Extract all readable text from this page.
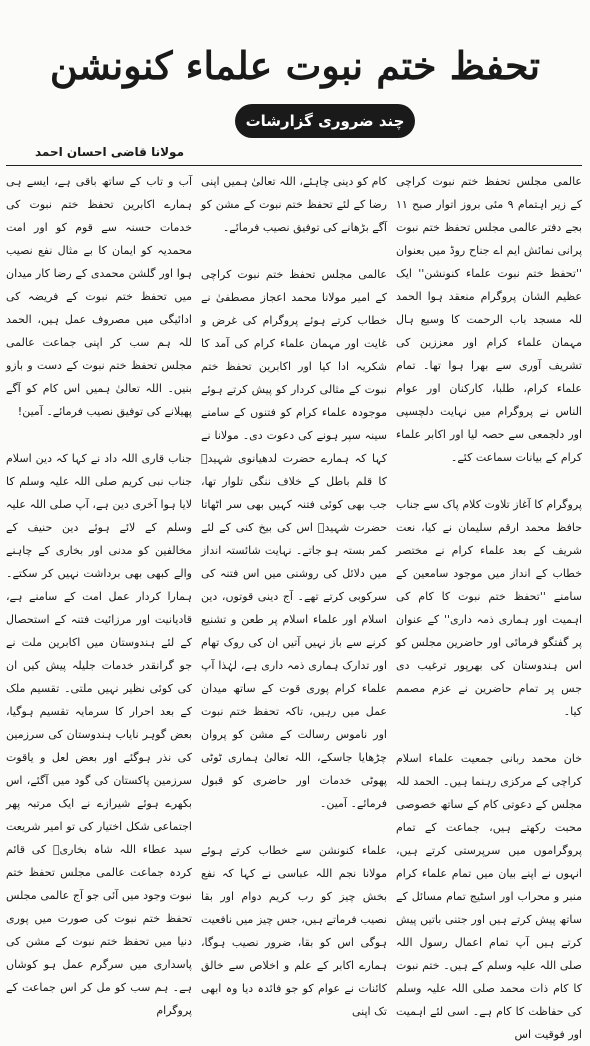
تحفظ ختم نبوت علماء کنونشن
چند ضروری گزارشات
مولانا قاضی احسان احمد

عالمی مجلس تحفظ ختم نبوت کراچی کے زیر اہتمام ۹ مئی بروز اتوار صبح ۱۱ بجے دفتر عالمی مجلس تحفظ ختم نبوت پرانی نمائش ایم اے جناح روڈ میں بعنوان ''تحفظ ختم نبوت علماء کنونشن'' ایک عظیم الشان پروگرام منعقد ہوا الحمد للہ مسجد باب الرحمت کا وسیع ہال مہمان علماء کرام اور معززین کی تشریف آوری سے بھرا ہوا تھا۔ تمام علماء کرام، طلبا، کارکنان اور عوام الناس نے پروگرام میں نہایت دلچسپی اور دلجمعی سے حصہ لیا اور اکابر علماء کرام کے بیانات سماعت کئے۔

پروگرام کا آغاز تلاوت کلام پاک سے جناب حافظ محمد ارقم سلیمان نے کیا، نعت شریف کے بعد علماء کرام نے مختصر خطاب کے انداز میں موجود سامعین کے سامنے ''تحفظ ختم نبوت کا کام کی اہمیت اور ہماری ذمہ داری'' کے عنوان پر گفتگو فرمائی اور حاضرین مجلس کو اس ہندوستان کی بھرپور ترغیب دی جس پر تمام حاضرین نے عزم مصمم کیا۔

خان محمد ربانی جمعیت علماء اسلام کراچی کے مرکزی رہنما ہیں۔ الحمد للہ مجلس کے دعوتی کام کے ساتھ خصوصی محبت رکھتے ہیں، جماعت کے تمام پروگراموں میں سرپرستی کرتے ہیں، انہوں نے اپنے بیان میں تمام علماء کرام منبر و محراب اور اسٹیج تمام مسائل کے ساتھ پیش کرتے ہیں اور جتنی باتیں پیش کرتے ہیں آپ تمام اعمال رسول اللہ صلی اللہ علیہ وسلم کے ہیں۔ ختم نبوت کا کام ذات محمد صلی اللہ علیہ وسلم کی حفاظت کا کام ہے۔ اسی لئے اہمیت اور فوقیت اس

کام کو دینی چاہئے، اللہ تعالیٰ ہمیں اپنی رضا کے لئے تحفظ ختم نبوت کے مشن کو آگے بڑھانے کی توفیق نصیب فرمائے۔

عالمی مجلس تحفظ ختم نبوت کراچی کے امیر مولانا محمد اعجاز مصطفیٰ نے خطاب کرتے ہوئے پروگرام کی غرض و غایت اور مہمان علماء کرام کی آمد کا شکریہ ادا کیا اور اکابرین تحفظ ختم نبوت کے مثالی کردار کو پیش کرتے ہوئے موجودہ علماء کرام کو فتنوں کے سامنے سینہ سپر ہونے کی دعوت دی۔ مولانا نے کہا کہ ہمارے حضرت لدھیانوی شہیدؒ کا قلم باطل کے خلاف ننگی تلوار تھا، جب بھی کوئی فتنہ کہیں بھی سر اٹھاتا حضرت شہیدؒ اس کی بیخ کنی کے لئے کمر بستہ ہو جاتے۔ نہایت شائستہ انداز میں دلائل کی روشنی میں اس فتنہ کی سرکوبی کرتے تھے۔ آج دینی قوتوں، دین اسلام اور علماء اسلام پر طعن و تشنیع کرنے سے باز نہیں آتیں ان کی روک تھام اور تدارک ہماری ذمہ داری ہے، لہٰذا آپ علماء کرام پوری قوت کے ساتھ میدان عمل میں رہیں، تاکہ تحفظ ختم نبوت اور ناموس رسالت کے مشن کو پروان چڑھایا جاسکے، اللہ تعالیٰ ہماری ٹوٹی پھوٹی خدمات اور حاضری کو قبول فرمائے۔ آمین۔

علماء کنونشن سے خطاب کرتے ہوئے مولانا نجم اللہ عباسی نے کہا کہ نفع بخش چیز کو رب کریم دوام اور بقا نصیب فرماتے ہیں، جس چیز میں نافعیت ہوگی اس کو بقا، ضرور نصیب ہوگا، ہمارے اکابر کے علم و اخلاص سے خالق کائنات نے عوام کو جو فائدہ دیا وہ ابھی تک اپنی

آب و تاب کے ساتھ باقی ہے، ایسے ہی ہمارے اکابرین تحفظ ختم نبوت کی خدمات حسنہ سے قوم کو اور امت محمدیہ کو ایمان کا بے مثال نفع نصیب ہوا اور گلشن محمدی کے رضا کار میدان میں تحفظ ختم نبوت کے فریضہ کی ادائیگی میں مصروف عمل ہیں، الحمد للہ ہم سب کر اپنی جماعت عالمی مجلس تحفظ ختم نبوت کے دست و بازو بنیں۔ اللہ تعالیٰ ہمیں اس کام کو آگے پھیلانے کی توفیق نصیب فرمائے۔ آمین!

جناب قاری اللہ داد نے کہا کہ دین اسلام جناب نبی کریم صلی اللہ علیہ وسلم کا لایا ہوا آخری دین ہے، آپ صلی اللہ علیہ وسلم کے لائے ہوئے دین حنیف کے مخالفین کو مدنی اور بخاری کے چاہنے والے کبھی بھی برداشت نہیں کر سکتے۔ ہمارا کردار عمل امت کے سامنے ہے، قادیانیت اور مرزائیت فتنہ کے استحصال کے لئے ہندوستان میں اکابرین ملت نے جو گرانقدر خدمات جلیلہ پیش کیں ان کی کوئی نظیر نہیں ملتی۔ تقسیم ملک کے بعد احرار کا سرمایہ تقسیم ہوگیا، بعض گوہر نایاب ہندوستان کی سرزمین کی نذر ہوگئے اور بعض لعل و یاقوت سرزمین پاکستان کی گود میں آگئے، اس بکھرے ہوئے شیرازے نے ایک مرتبہ پھر اجتماعی شکل اختیار کی تو امیر شریعت سید عطاء اللہ شاہ بخاریؒ کی قائم کردہ جماعت عالمی مجلس تحفظ ختم نبوت وجود میں آئی جو آج عالمی مجلس تحفظ ختم نبوت کی صورت میں پوری دنیا میں تحفظ ختم نبوت کے مشن کی پاسداری میں سرگرم عمل ہو کوشاں ہے۔ ہم سب کو مل کر اس جماعت کے پروگرام
